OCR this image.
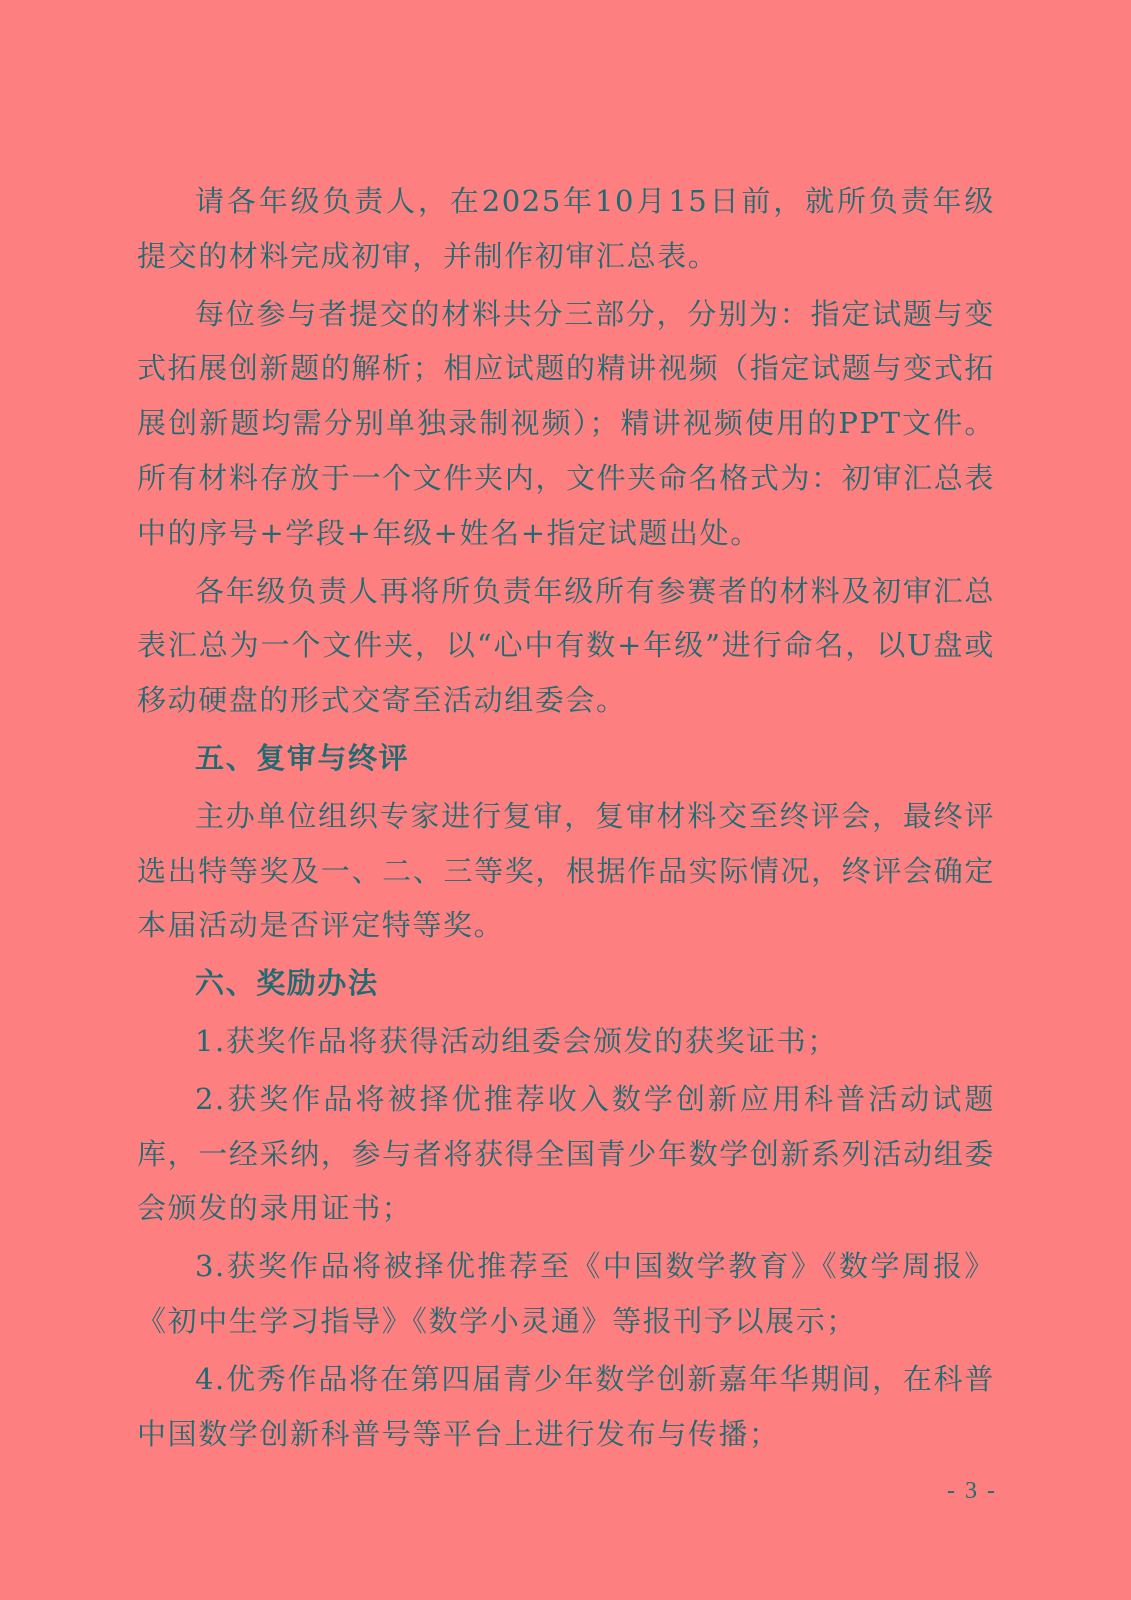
请各年级负责人，在2025年10月15日前，就所负责年级提交的材料完成初审，并制作初审汇总表。

每位参与者提交的材料共分三部分，分别为：指定试题与变式拓展创新题的解析；相应试题的精讲视频（指定试题与变式拓展创新题均需分别单独录制视频）；精讲视频使用的PPT文件。所有材料存放于一个文件夹内，文件夹命名格式为：初审汇总表中的序号+学段+年级+姓名+指定试题出处。

各年级负责人再将所负责年级所有参赛者的材料及初审汇总表汇总为一个文件夹，以“心中有数+年级”进行命名，以U盘或移动硬盘的形式交寄至活动组委会。

五、复审与终评

主办单位组织专家进行复审，复审材料交至终评会，最终评选出特等奖及一、二、三等奖，根据作品实际情况，终评会确定本届活动是否评定特等奖。

六、奖励办法

1.获奖作品将获得活动组委会颁发的获奖证书；

2.获奖作品将被择优推荐收入数学创新应用科普活动试题库，一经采纳，参与者将获得全国青少年数学创新系列活动组委会颁发的录用证书；

3.获奖作品将被择优推荐至《中国数学教育》《数学周报》《初中生学习指导》《数学小灵通》等报刊予以展示；

4.优秀作品将在第四届青少年数学创新嘉年华期间，在科普中国数学创新科普号等平台上进行发布与传播；

- 3 -
